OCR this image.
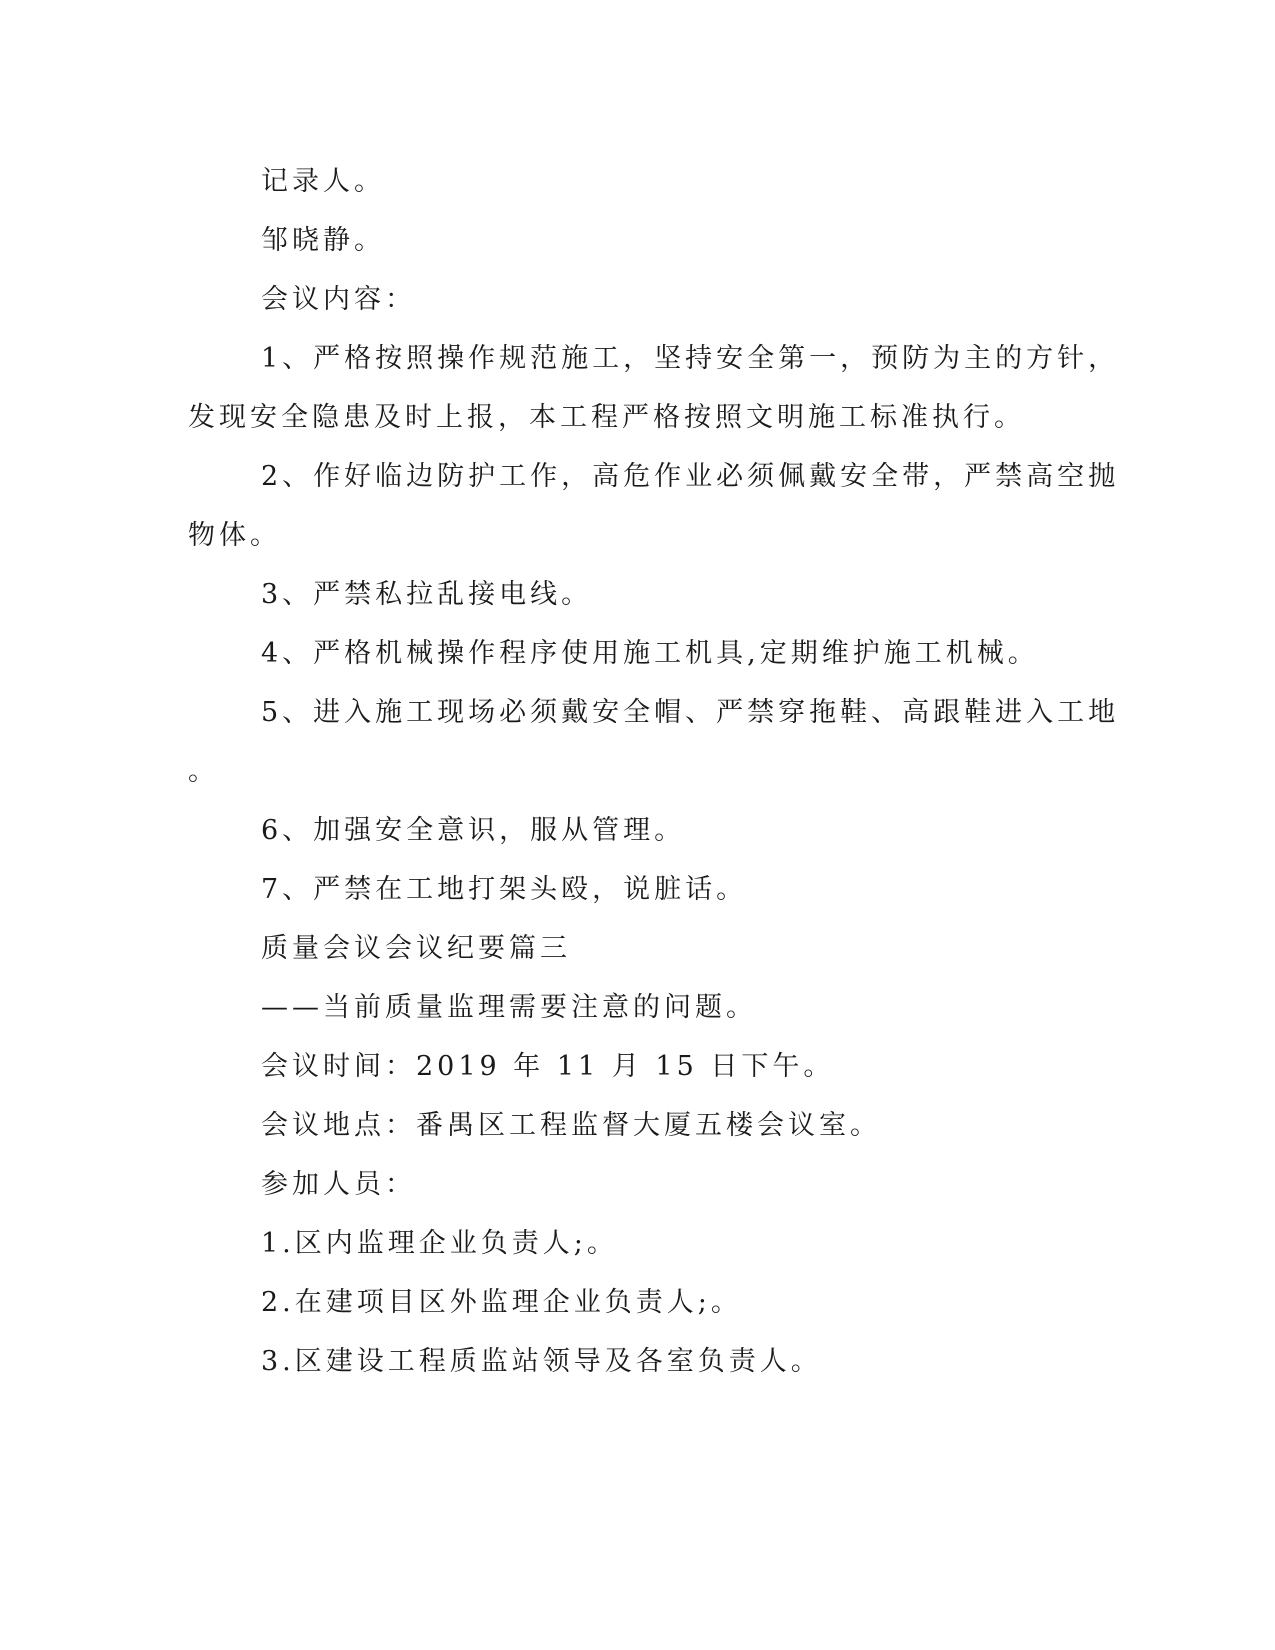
记录人。
邹晓静。
会议内容：
1、严格按照操作规范施工，坚持安全第一，预防为主的方针，
发现安全隐患及时上报，本工程严格按照文明施工标准执行。
2、作好临边防护工作，高危作业必须佩戴安全带，严禁高空抛
物体。
3、严禁私拉乱接电线。
4、严格机械操作程序使用施工机具,定期维护施工机械。
5、进入施工现场必须戴安全帽、严禁穿拖鞋、高跟鞋进入工地
。
6、加强安全意识，服从管理。
7、严禁在工地打架头殴，说脏话。
质量会议会议纪要篇三
——当前质量监理需要注意的问题。
会议时间：2019 年 11 月 15 日下午。
会议地点：番禺区工程监督大厦五楼会议室。
参加人员：
1.区内监理企业负责人;。
2.在建项目区外监理企业负责人;。
3.区建设工程质监站领导及各室负责人。
